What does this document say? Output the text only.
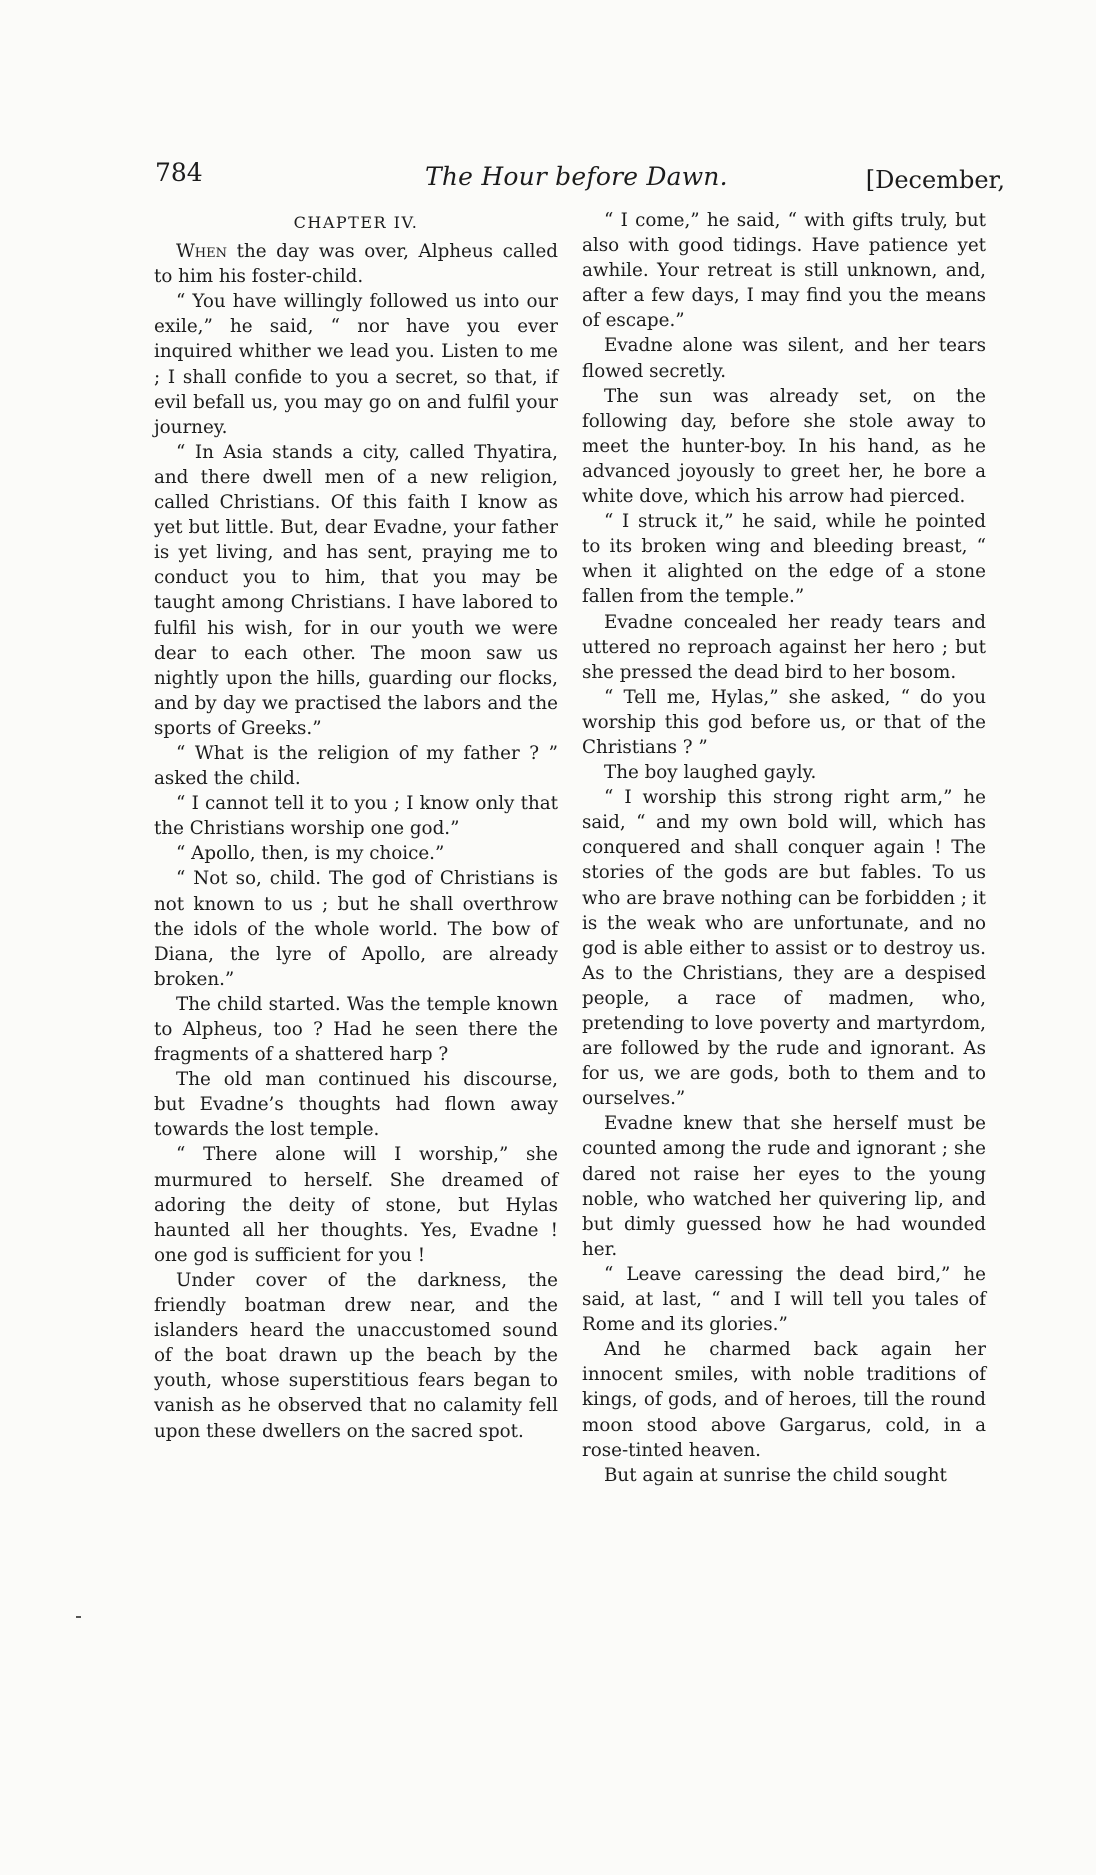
784	The Hour before Dawn.	[December,

CHAPTER IV.

When the day was over, Alpheus called to him his foster-child.

“ You have willingly followed us into our exile,” he said, “ nor have you ever inquired whither we lead you. Listen to me ; I shall confide to you a secret, so that, if evil befall us, you may go on and fulfil your journey.

“ In Asia stands a city, called Thyatira, and there dwell men of a new religion, called Christians. Of this faith I know as yet but little. But, dear Evadne, your father is yet living, and has sent, praying me to conduct you to him, that you may be taught among Christians. I have labored to fulfil his wish, for in our youth we were dear to each other. The moon saw us nightly upon the hills, guarding our flocks, and by day we practised the labors and the sports of Greeks.”

“ What is the religion of my father ? ” asked the child.

“ I cannot tell it to you ; I know only that the Christians worship one god.”

“ Apollo, then, is my choice.”

“ Not so, child. The god of Christians is not known to us ; but he shall overthrow the idols of the whole world. The bow of Diana, the lyre of Apollo, are already broken.”

The child started. Was the temple known to Alpheus, too ? Had he seen there the fragments of a shattered harp ?

The old man continued his discourse, but Evadne’s thoughts had flown away towards the lost temple.

“ There alone will I worship,” she murmured to herself. She dreamed of adoring the deity of stone, but Hylas haunted all her thoughts. Yes, Evadne ! one god is sufficient for you !

Under cover of the darkness, the friendly boatman drew near, and the islanders heard the unaccustomed sound of the boat drawn up the beach by the youth, whose superstitious fears began to vanish as he observed that no calamity fell upon these dwellers on the sacred spot.

“ I come,” he said, “ with gifts truly, but also with good tidings. Have patience yet awhile. Your retreat is still unknown, and, after a few days, I may find you the means of escape.”

Evadne alone was silent, and her tears flowed secretly.

The sun was already set, on the following day, before she stole away to meet the hunter-boy. In his hand, as he advanced joyously to greet her, he bore a white dove, which his arrow had pierced.

“ I struck it,” he said, while he pointed to its broken wing and bleeding breast, “ when it alighted on the edge of a stone fallen from the temple.”

Evadne concealed her ready tears and uttered no reproach against her hero ; but she pressed the dead bird to her bosom.

“ Tell me, Hylas,” she asked, “ do you worship this god before us, or that of the Christians ? ”

The boy laughed gayly.

“ I worship this strong right arm,” he said, “ and my own bold will, which has conquered and shall conquer again ! The stories of the gods are but fables. To us who are brave nothing can be forbidden ; it is the weak who are unfortunate, and no god is able either to assist or to destroy us. As to the Christians, they are a despised people, a race of madmen, who, pretending to love poverty and martyrdom, are followed by the rude and ignorant. As for us, we are gods, both to them and to ourselves.”

Evadne knew that she herself must be counted among the rude and ignorant ; she dared not raise her eyes to the young noble, who watched her quivering lip, and but dimly guessed how he had wounded her.

“ Leave caressing the dead bird,” he said, at last, “ and I will tell you tales of Rome and its glories.”

And he charmed back again her innocent smiles, with noble traditions of kings, of gods, and of heroes, till the round moon stood above Gargarus, cold, in a rose-tinted heaven.

But again at sunrise the child sought
